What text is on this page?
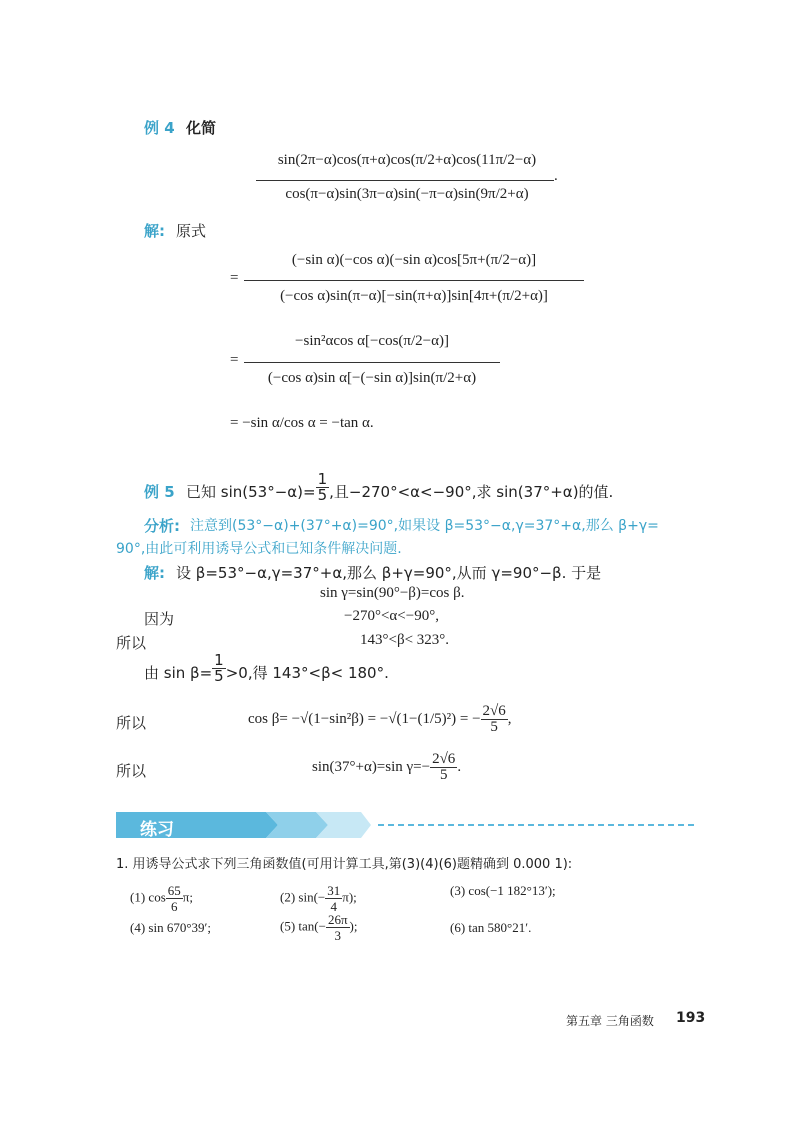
例 4 化简
sin(2π−α)cos(π+α)cos(π/2+α)cos(11π/2−α)
cos(π−α)sin(3π−α)sin(−π−α)sin(9π/2+α)
.
解: 原式
=
(−sin α)(−cos α)(−sin α)cos[5π+(π/2−α)]
(−cos α)sin(π−α)[−sin(π+α)]sin[4π+(π/2+α)]
=
−sin²αcos α[−cos(π/2−α)]
(−cos α)sin α[−(−sin α)]sin(π/2+α)
= −sin α/cos α = −tan α.
例 5 已知 $\sin(53^\circ-\alpha)= \frac{1}{5}$ ,且−270°<α<−90°,求 sin(37°+α)的值.
分析: 注意到(53°−α)+(37°+α)=90°,如果设 β=53°−α,γ=37°+α,那么 β+γ=
90°,由此可利用诱导公式和已知条件解决问题.
解: 设 β=53°−α,γ=37°+α,那么 β+γ=90°,从而 γ=90°−β. 于是
sin γ=sin(90°−β)=cos β.
因为	−270°<α<−90°,
所以	143°<β< 323°.
由 $\sin \beta= \frac{1}{5} >0$,得 143°<β< 180°.
所以	cos β= −√(1−sin²β) = −√(1−(1/5)²) = − $\frac{2√6}{5}$ ,
所以	sin(37°+α)=sin $\gamma=- \frac{2√6}{5}$ .
练习
1. 用诱导公式求下列三角函数值(可用计算工具,第(3)(4)(6)题精确到 0.000 1):
(1) $\cos \frac{65}{6} \pi$;	(2) $\sin(- \frac{31}{4} \pi)$;	(3) cos(−1 182°13′);
(4) sin 670°39′;	(5) $\tan(- \frac{26\pi}{3}$ );	(6) tan 580°21′.
第五章 三角函数 193
